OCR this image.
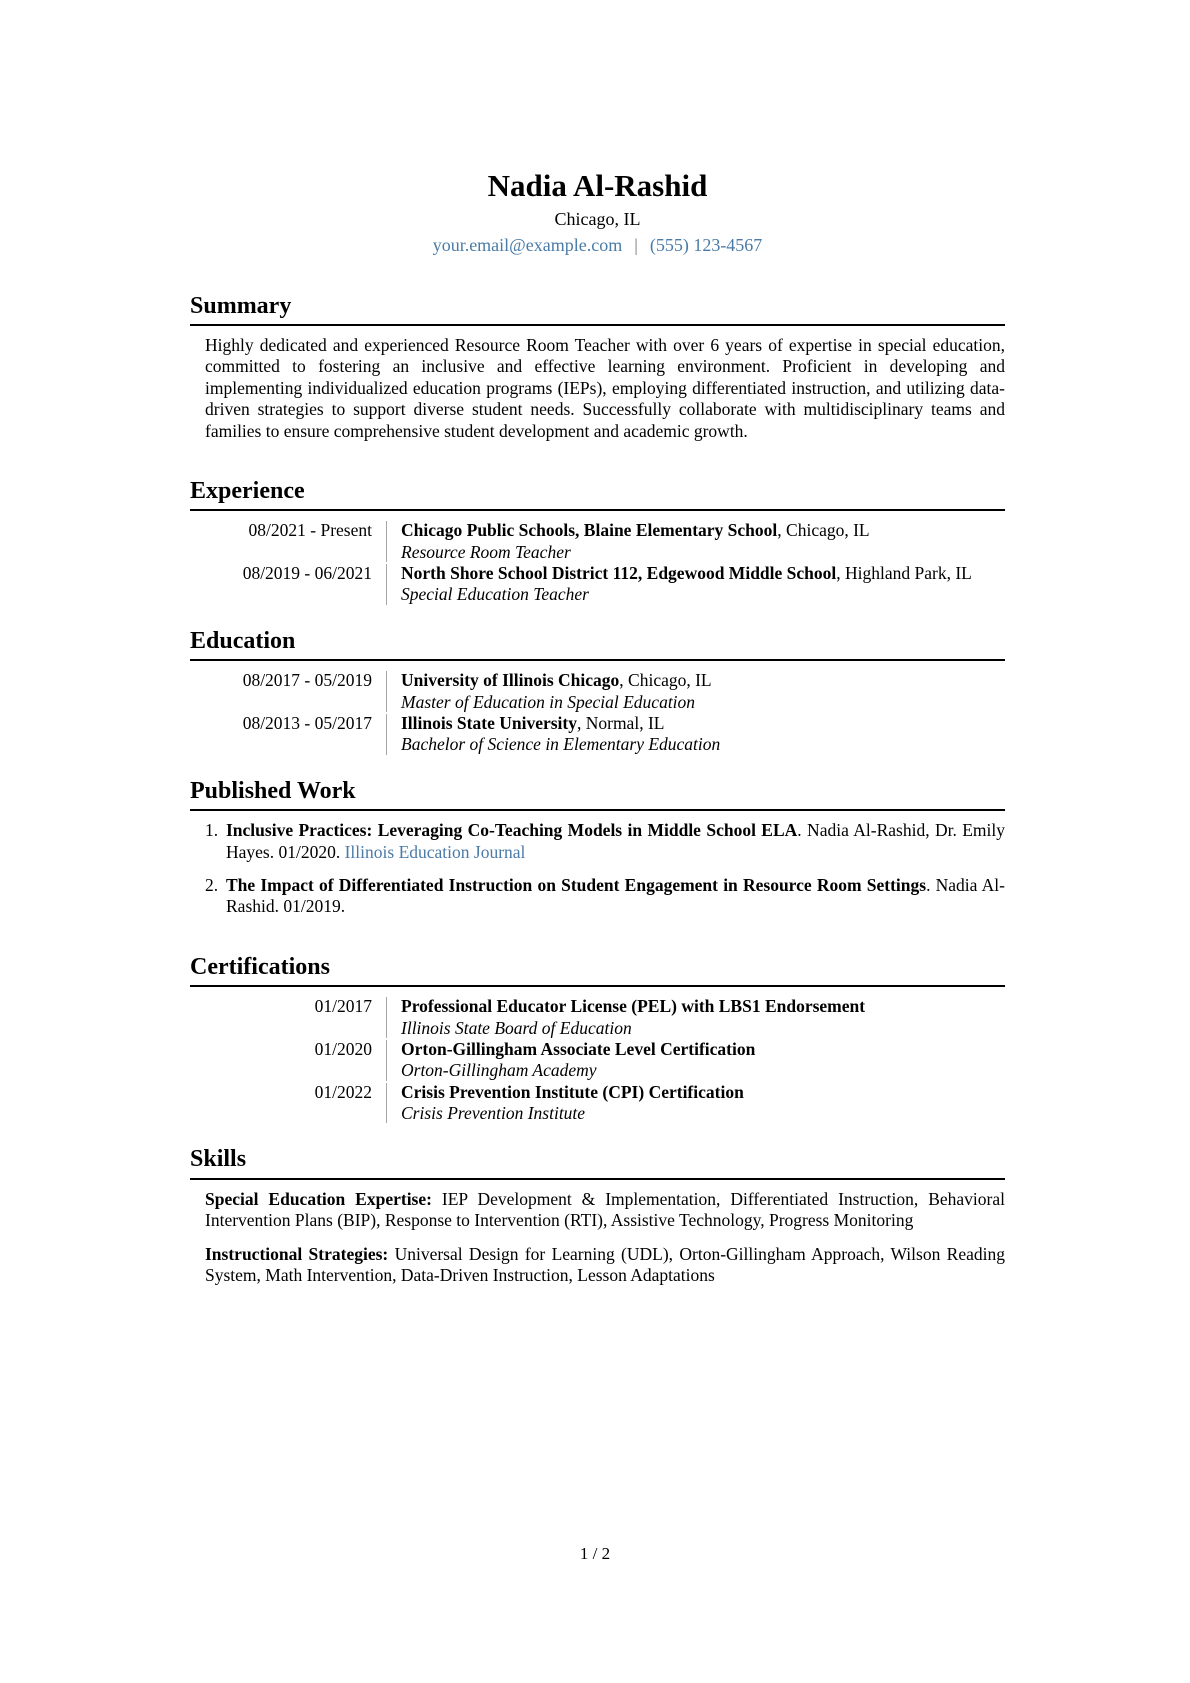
Nadia Al-Rashid
Chicago, IL
your.email@example.com | (555) 123-4567
Summary

Highly dedicated and experienced Resource Room Teacher with over 6 years of expertise in special education, committed to fostering an inclusive and effective learning environment. Proficient in developing and implementing individualized education programs (IEPs), employing differentiated instruction, and utilizing data-driven strategies to support diverse student needs. Successfully collaborate with multidisciplinary teams and families to ensure comprehensive student development and academic growth.

Experience
08/2021 - Present Chicago Public Schools, Blaine Elementary School, Chicago, IL
Resource Room Teacher
08/2019 - 06/2021 North Shore School District 112, Edgewood Middle School, Highland Park, IL
Special Education Teacher
Education
08/2017 - 05/2019 University of Illinois Chicago, Chicago, IL
Master of Education in Special Education
08/2013 - 05/2017 Illinois State University, Normal, IL
Bachelor of Science in Elementary Education
Published Work
1. Inclusive Practices: Leveraging Co-Teaching Models in Middle School ELA. Nadia Al-Rashid, Dr. Emily Hayes. 01/2020. Illinois Education Journal
2. The Impact of Differentiated Instruction on Student Engagement in Resource Room Settings. Nadia Al-Rashid. 01/2019.
Certifications
01/2017 Professional Educator License (PEL) with LBS1 Endorsement
Illinois State Board of Education
01/2020 Orton-Gillingham Associate Level Certification
Orton-Gillingham Academy
01/2022 Crisis Prevention Institute (CPI) Certification
Crisis Prevention Institute
Skills

Special Education Expertise: IEP Development & Implementation, Differentiated Instruction, Behavioral Intervention Plans (BIP), Response to Intervention (RTI), Assistive Technology, Progress Monitoring

Instructional Strategies: Universal Design for Learning (UDL), Orton-Gillingham Approach, Wilson Reading System, Math Intervention, Data-Driven Instruction, Lesson Adaptations

1 / 2
